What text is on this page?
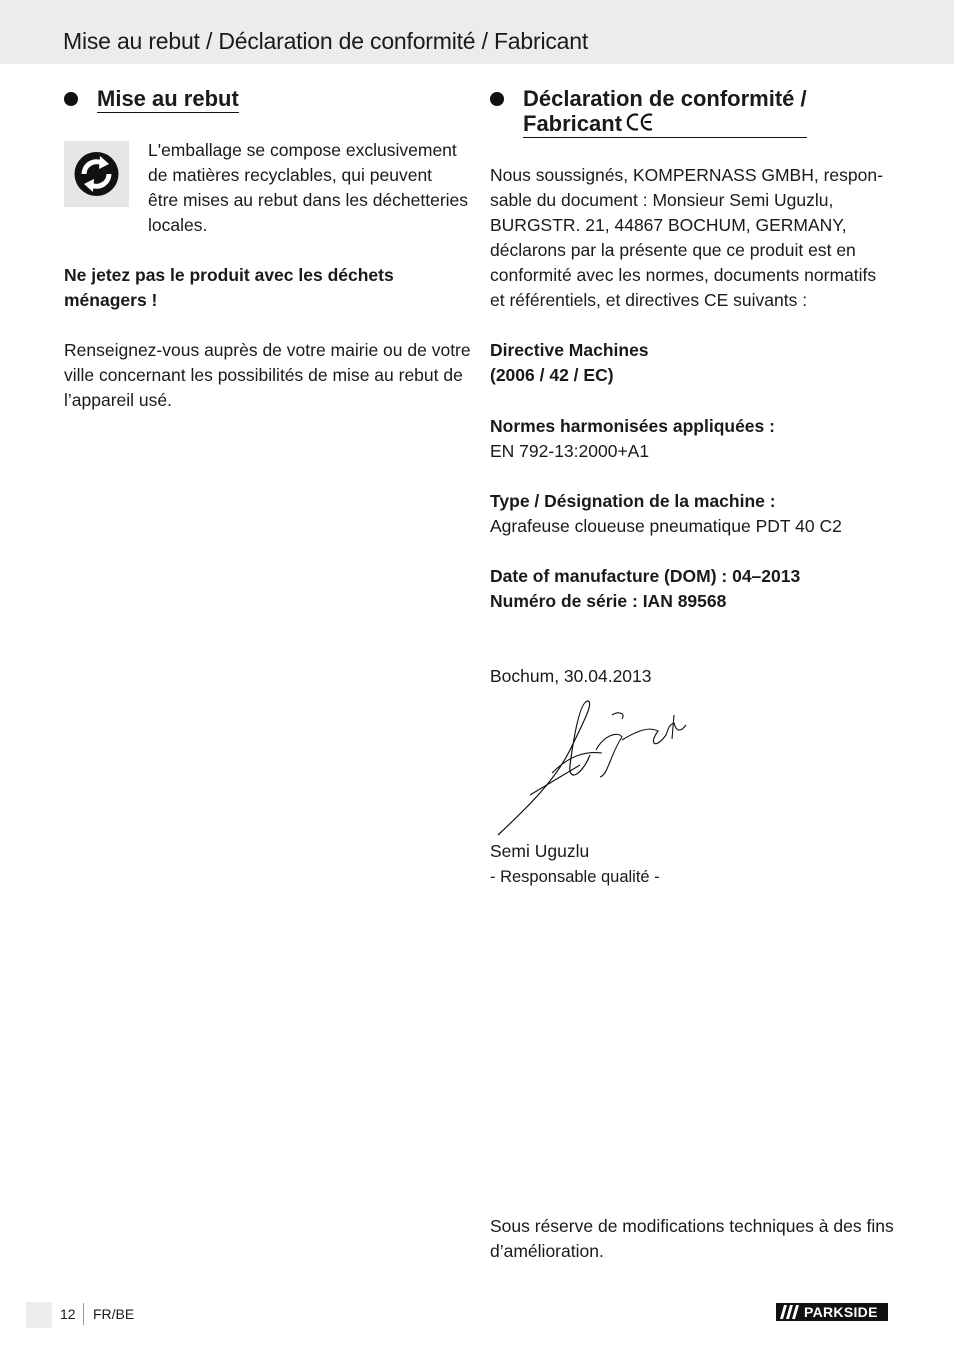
Mise au rebut / Déclaration de conformité / Fabricant
Mise au rebut

L'emballage se compose exclusivement
de matières recyclables, qui peuvent
être mises au rebut dans les déchetteries
locales.

Ne jetez pas le produit avec les déchets
ménagers !

Renseignez-vous auprès de votre mairie ou de votre
ville concernant les possibilités de mise au rebut de
l’appareil usé.

Déclaration de conformité /
Fabricant

Nous soussignés, KOMPERNASS GMBH, respon-
sable du document : Monsieur Semi Uguzlu,
BURGSTR. 21, 44867 BOCHUM, GERMANY,
déclarons par la présente que ce produit est en
conformité avec les normes, documents normatifs
et référentiels, et directives CE suivants :

Directive Machines
(2006 / 42 / EC)

Normes harmonisées appliquées :
EN 792-13:2000+A1

Type / Désignation de la machine :
Agrafeuse cloueuse pneumatique PDT 40 C2

Date of manufacture (DOM) : 04–2013
Numéro de série : IAN 89568

Bochum, 30.04.2013

Semi Uguzlu
- Responsable qualité -

Sous réserve de modifications techniques à des fins
d’amélioration.

12 FR/BE	PARKSIDE
